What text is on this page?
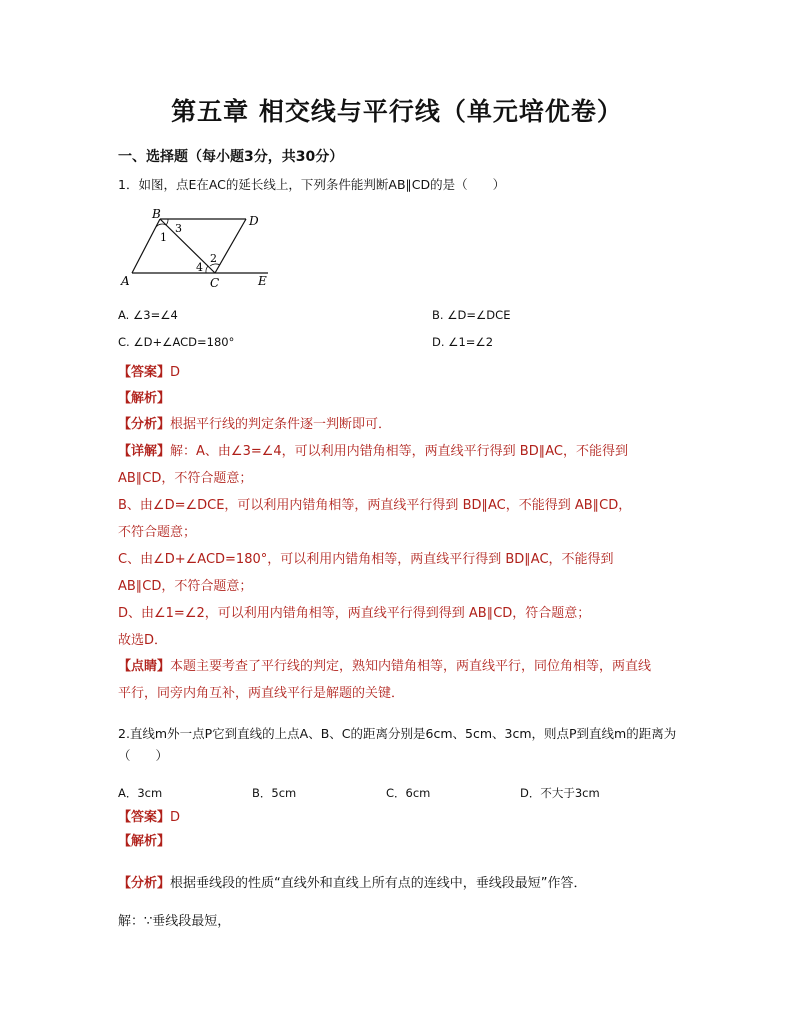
第五章 相交线与平行线（单元培优卷）
一、选择题（每小题3分，共30分）
1．如图，点E在AC的延长线上，下列条件能判断AB∥CD的是（　　）
B	D
A	C	E
1
3
4
2
A. ∠3=∠4	B. ∠D=∠DCE
C. ∠D+∠ACD=180°	D. ∠1=∠2
【答案】D
【解析】
【分析】根据平行线的判定条件逐一判断即可．
【详解】解：A、由∠3=∠4，可以利用内错角相等，两直线平行得到 BD∥AC，不能得到
AB∥CD，不符合题意；
B、由∠D=∠DCE，可以利用内错角相等，两直线平行得到 BD∥AC，不能得到 AB∥CD，
不符合题意；
C、由∠D+∠ACD=180°，可以利用内错角相等，两直线平行得到 BD∥AC，不能得到
AB∥CD，不符合题意；
D、由∠1=∠2，可以利用内错角相等，两直线平行得到得到 AB∥CD，符合题意；
故选D．
【点睛】本题主要考查了平行线的判定，熟知内错角相等，两直线平行，同位角相等，两直线
平行，同旁内角互补，两直线平行是解题的关键．
2.直线m外一点P它到直线的上点A、B、C的距离分别是6cm、5cm、3cm，则点P到直线m的距离为
（　　）
A．3cm	B．5cm	C．6cm	D．不大于3cm
【答案】D
【解析】
【分析】根据垂线段的性质“直线外和直线上所有点的连线中，垂线段最短”作答．
解：∵垂线段最短，
